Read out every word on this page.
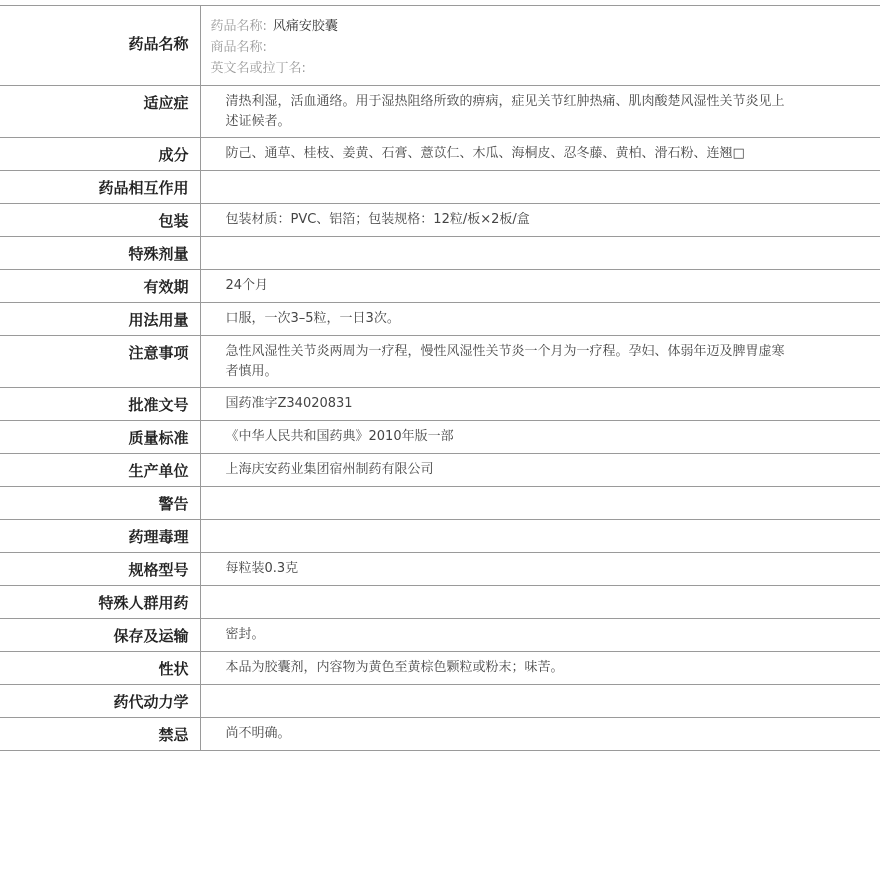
药品名称	药品名称: 风痛安胶囊
商品名称:
英文名或拉丁名:

适应症	清热利湿，活血通络。用于湿热阻络所致的痹病，症见关节红肿热痛、肌肉酸楚风湿性关节炎见上述证候者。

成分	防己、通草、桂枝、姜黄、石膏、薏苡仁、木瓜、海桐皮、忍冬藤、黄柏、滑石粉、连翘□

药品相互作用	

包装	包装材质：PVC、铝箔；包装规格：12粒/板×2板/盒

特殊剂量	

有效期	24个月

用法用量	口服，一次3–5粒，一日3次。

注意事项	急性风湿性关节炎两周为一疗程，慢性风湿性关节炎一个月为一疗程。孕妇、体弱年迈及脾胃虚寒者慎用。

批准文号	国药准字Z34020831

质量标准	《中华人民共和国药典》2010年版一部

生产单位	上海庆安药业集团宿州制药有限公司

警告	

药理毒理	

规格型号	每粒装0.3克

特殊人群用药	

保存及运输	密封。

性状	本品为胶囊剂，内容物为黄色至黄棕色颗粒或粉末；味苦。

药代动力学	

禁忌	尚不明确。
